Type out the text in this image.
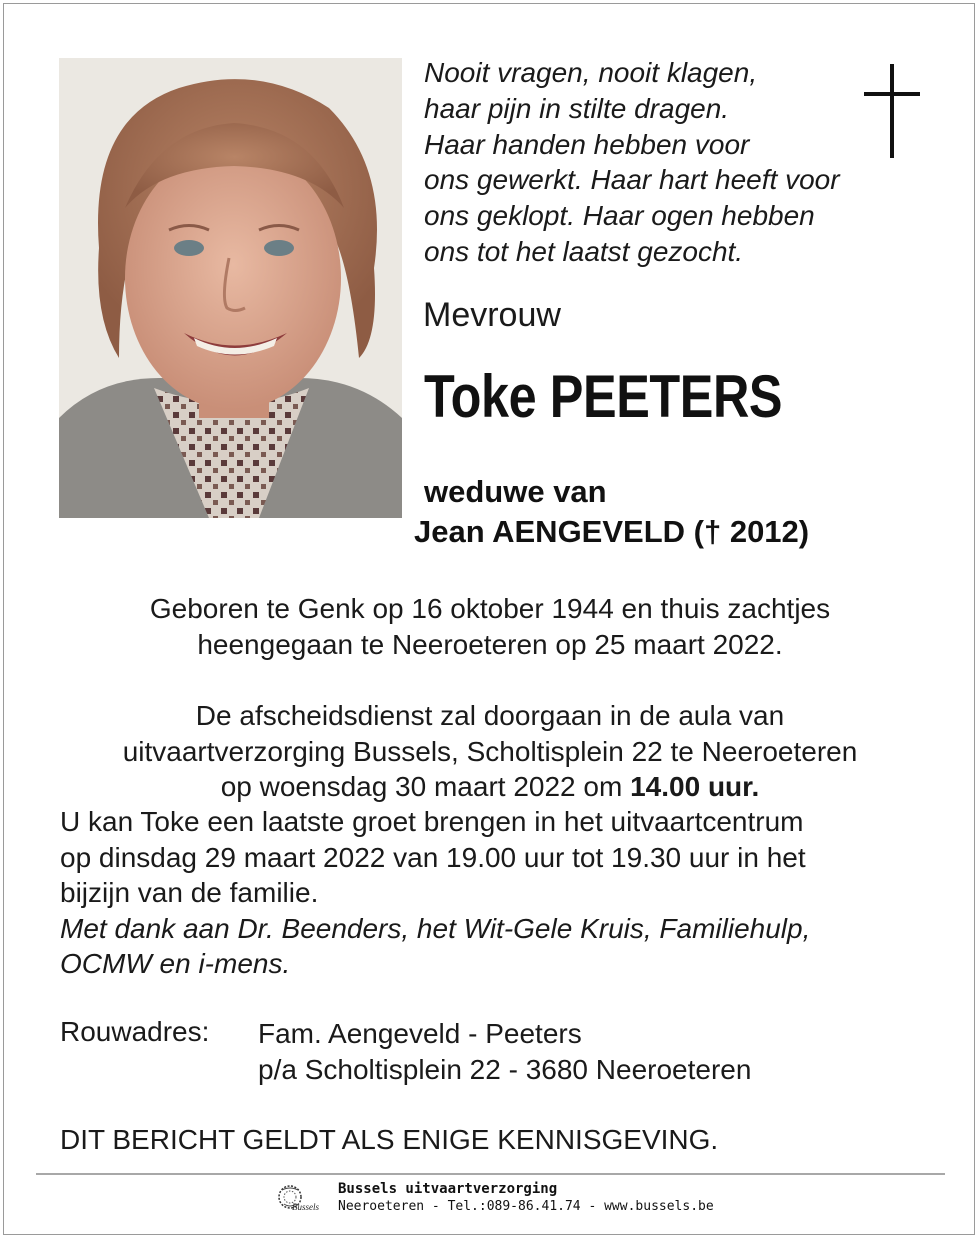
Nooit vragen, nooit klagen,
haar pijn in stilte dragen.
Haar handen hebben voor
ons gewerkt. Haar hart heeft voor
ons geklopt. Haar ogen hebben
ons tot het laatst gezocht.

Mevrouw
Toke PEETERS
weduwe van
Jean AENGEVELD († 2012)
Geboren te Genk op 16 oktober 1944 en thuis zachtjes
heengegaan te Neeroeteren op 25 maart 2022.
De afscheidsdienst zal doorgaan in de aula van
uitvaartverzorging Bussels, Scholtisplein 22 te Neeroeteren
op woensdag 30 maart 2022 om 14.00 uur.
U kan Toke een laatste groet brengen in het uitvaartcentrum
op dinsdag 29 maart 2022 van 19.00 uur tot 19.30 uur in het
bijzijn van de familie.
Met dank aan Dr. Beenders, het Wit-Gele Kruis, Familiehulp,
OCMW en i-mens.
Rouwadres: Fam. Aengeveld - Peeters
p/a Scholtisplein 22 - 3680 Neeroeteren
DIT BERICHT GELDT ALS ENIGE KENNISGEVING.
Bussels
Bussels uitvaartverzorging
Neeroeteren - Tel.:089-86.41.74 - www.bussels.be
